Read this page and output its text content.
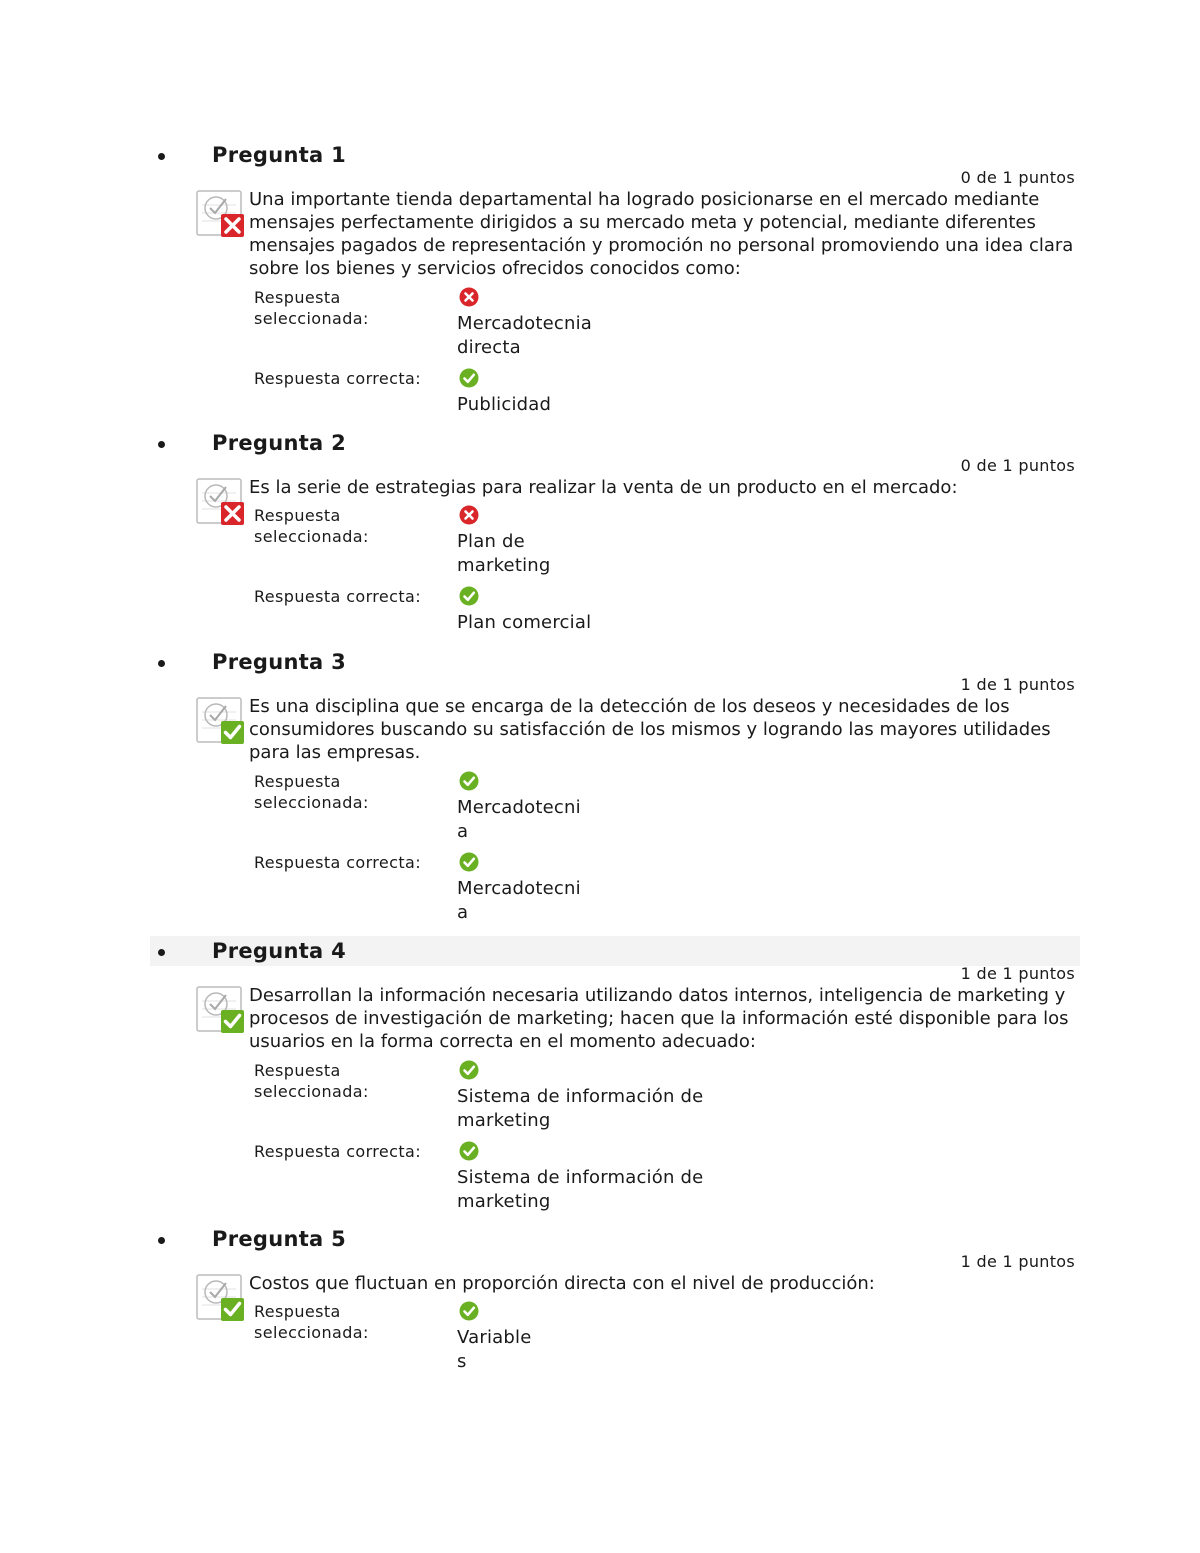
Pregunta 1
0 de 1 puntos
Una importante tienda departamental ha logrado posicionarse en el mercado mediante mensajes perfectamente dirigidos a su mercado meta y potencial, mediante diferentes mensajes pagados de representación y promoción no personal promoviendo una idea clara sobre los bienes y servicios ofrecidos conocidos como:
Respuesta seleccionada:	Mercadotecnia directa
Respuesta correcta:
Publicidad
Pregunta 2
0 de 1 puntos
Es la serie de estrategias para realizar la venta de un producto en el mercado:
Respuesta seleccionada:	Plan de marketing
Respuesta correcta:
Plan comercial
Pregunta 3
1 de 1 puntos
Es una disciplina que se encarga de la detección de los deseos y necesidades de los consumidores buscando su satisfacción de los mismos y logrando las mayores utilidades para las empresas.
Respuesta seleccionada:	Mercadotecnia
Respuesta correcta:
Mercadotecnia
Pregunta 4
1 de 1 puntos
Desarrollan la información necesaria utilizando datos internos, inteligencia de marketing y procesos de investigación de marketing; hacen que la información esté disponible para los usuarios en la forma correcta en el momento adecuado:
Respuesta seleccionada:	Sistema de información de marketing
Respuesta correcta:
Sistema de información de marketing
Pregunta 5
1 de 1 puntos
Costos que fluctuan en proporción directa con el nivel de producción:
Respuesta seleccionada:	Variables
